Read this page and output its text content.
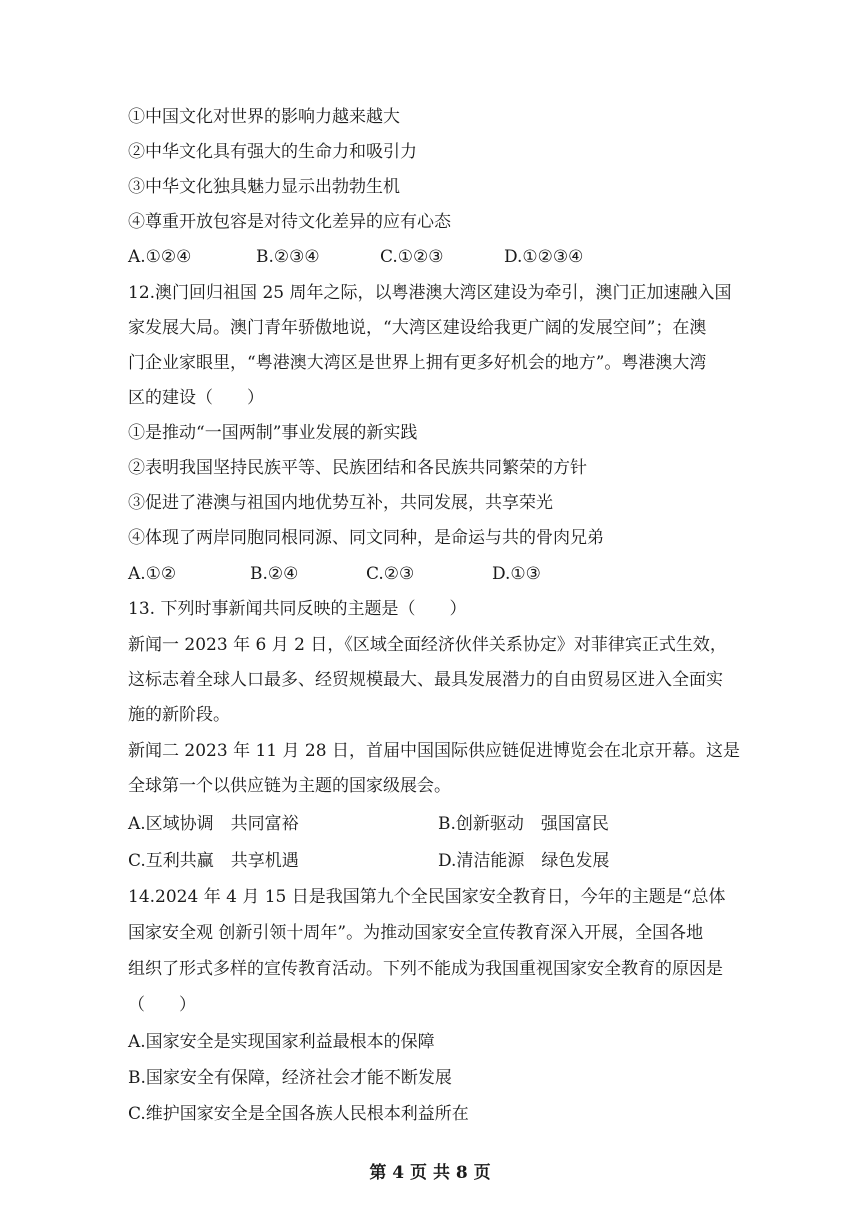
①中国文化对世界的影响力越来越大
②中华文化具有强大的生命力和吸引力
③中华文化独具魅力显示出勃勃生机
④尊重开放包容是对待文化差异的应有心态
A.①②④	B.②③④	C.①②③	D.①②③④
12.澳门回归祖国 25 周年之际，以粤港澳大湾区建设为牵引，澳门正加速融入国
家发展大局。澳门青年骄傲地说，“大湾区建设给我更广阔的发展空间”；在澳
门企业家眼里，“粤港澳大湾区是世界上拥有更多好机会的地方”。粤港澳大湾
区的建设（　　）
①是推动“一国两制”事业发展的新实践
②表明我国坚持民族平等、民族团结和各民族共同繁荣的方针
③促进了港澳与祖国内地优势互补，共同发展，共享荣光
④体现了两岸同胞同根同源、同文同种，是命运与共的骨肉兄弟
A.①②	B.②④	C.②③	D.①③
13. 下列时事新闻共同反映的主题是（　　）
新闻一 2023 年 6 月 2 日，《区域全面经济伙伴关系协定》对菲律宾正式生效，
这标志着全球人口最多、经贸规模最大、最具发展潜力的自由贸易区进入全面实
施的新阶段。
新闻二 2023 年 11 月 28 日，首届中国国际供应链促进博览会在北京开幕。这是
全球第一个以供应链为主题的国家级展会。
A.区域协调　共同富裕	B.创新驱动　强国富民
C.互利共赢　共享机遇	D.清洁能源　绿色发展
14.2024 年 4 月 15 日是我国第九个全民国家安全教育日，今年的主题是“总体
国家安全观 创新引领十周年”。为推动国家安全宣传教育深入开展，全国各地
组织了形式多样的宣传教育活动。下列不能成为我国重视国家安全教育的原因是
（　　）
A.国家安全是实现国家利益最根本的保障
B.国家安全有保障，经济社会才能不断发展
C.维护国家安全是全国各族人民根本利益所在
第 4 页 共 8 页
